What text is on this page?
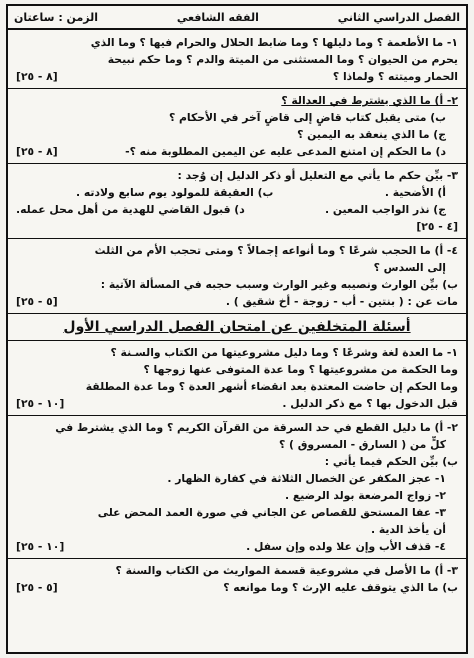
الفصل الدراسي الثاني
الفقه الشافعي
الزمن : ساعتان
١- ما الأطعمة ؟ وما دليلها ؟ وما ضابط الحلال والحرام فيها ؟ وما الذي
يحرم من الحيوان ؟ وما المستثنى من الميتة والدم ؟ وما حكم نبيحة
الحمار وميتته ؟ ولماذا ؟
[٨ - ٢٥]
٢- أ) ما الذي يشترط في العدالة ؟
ب) متى يقبل كتاب قاضٍ إلى قاضٍ آخر في الأحكام ؟
ج) ما الذي ينعقد به اليمين ؟
د) ما الحكم إن امتنع المدعى عليه عن اليمين المطلوبة منه ؟-
[٨ - ٢٥]
٣- بيِّن حكم ما يأتي مع التعليل أو ذكر الدليل إن وُجد :
أ) الأضحية .
ب) العقيقة للمولود يوم سابع ولادته .
ج) نذر الواجب المعين .
د) قبول القاضي للهدية من أهل محل عمله.
[٤ - ٢٥]
٤- أ) ما الحجب شرعًا ؟ وما أنواعه إجمالاً ؟ ومتى تحجب الأم من الثلث
إلى السدس ؟
ب) بيِّن الوارث ونصيبه وغير الوارث وسبب حجبه في المسألة الآتية :
مات عن : ( بنتين - أب - زوجة - أخ شقيق ) .
[٥ - ٢٥]
أسئلة المتخلفين عن امتحان الفصل الدراسي الأول
١- ما العدة لغة وشرعًا ؟ وما دليل مشروعيتها من الكتاب والسـنة ؟
وما الحكمة من مشروعيتها ؟ وما عدة المتوفى عنها زوجها ؟
وما الحكم إن حاضت المعتدة بعد انقضاء أشهر العدة ؟ وما عدة المطلقة
قبل الدخول بها ؟ مع ذكر الدليل .
[١٠ - ٢٥]
٢- أ) ما دليل القطع في حد السرقة من القرآن الكريم ؟ وما الذي يشترط في
كلٍّ من ( السارق - المسروق ) ؟
ب) بيِّن الحكم فيما يأتي :
١- عجز المكفر عن الخصال الثلاثة في كفارة الظهار .
٢- زواج المرضعة بولد الرضيع .
٣- عفا المستحق للقصاص عن الجاني في صورة العمد المحض على
أن يأخذ الدية .
٤- قذف الأب وإن علا ولده وإن سفل .
[١٠ - ٢٥]
٣- أ) ما الأصل في مشروعية قسمة المواريث من الكتاب والسنة ؟
ب) ما الذي يتوقف عليه الإرث ؟ وما موانعه ؟
[٥ - ٢٥]
